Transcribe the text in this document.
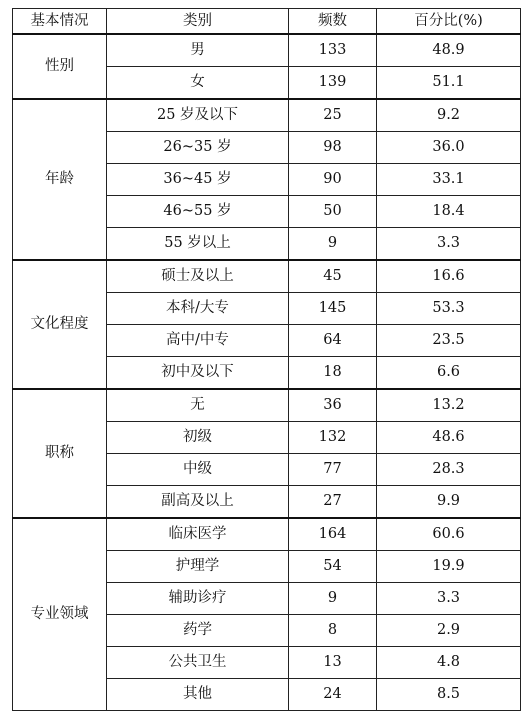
基本情况	类别	频数	百分比(%)
性别	男	133	48.9
	女	139	51.1
年龄	25 岁及以下	25	9.2
	26~35 岁	98	36.0
	36~45 岁	90	33.1
	46~55 岁	50	18.4
	55 岁以上	9	3.3
文化程度	硕士及以上	45	16.6
	本科/大专	145	53.3
	高中/中专	64	23.5
	初中及以下	18	6.6
职称	无	36	13.2
	初级	132	48.6
	中级	77	28.3
	副高及以上	27	9.9
专业领域	临床医学	164	60.6
	护理学	54	19.9
	辅助诊疗	9	3.3
	药学	8	2.9
	公共卫生	13	4.8
	其他	24	8.5
